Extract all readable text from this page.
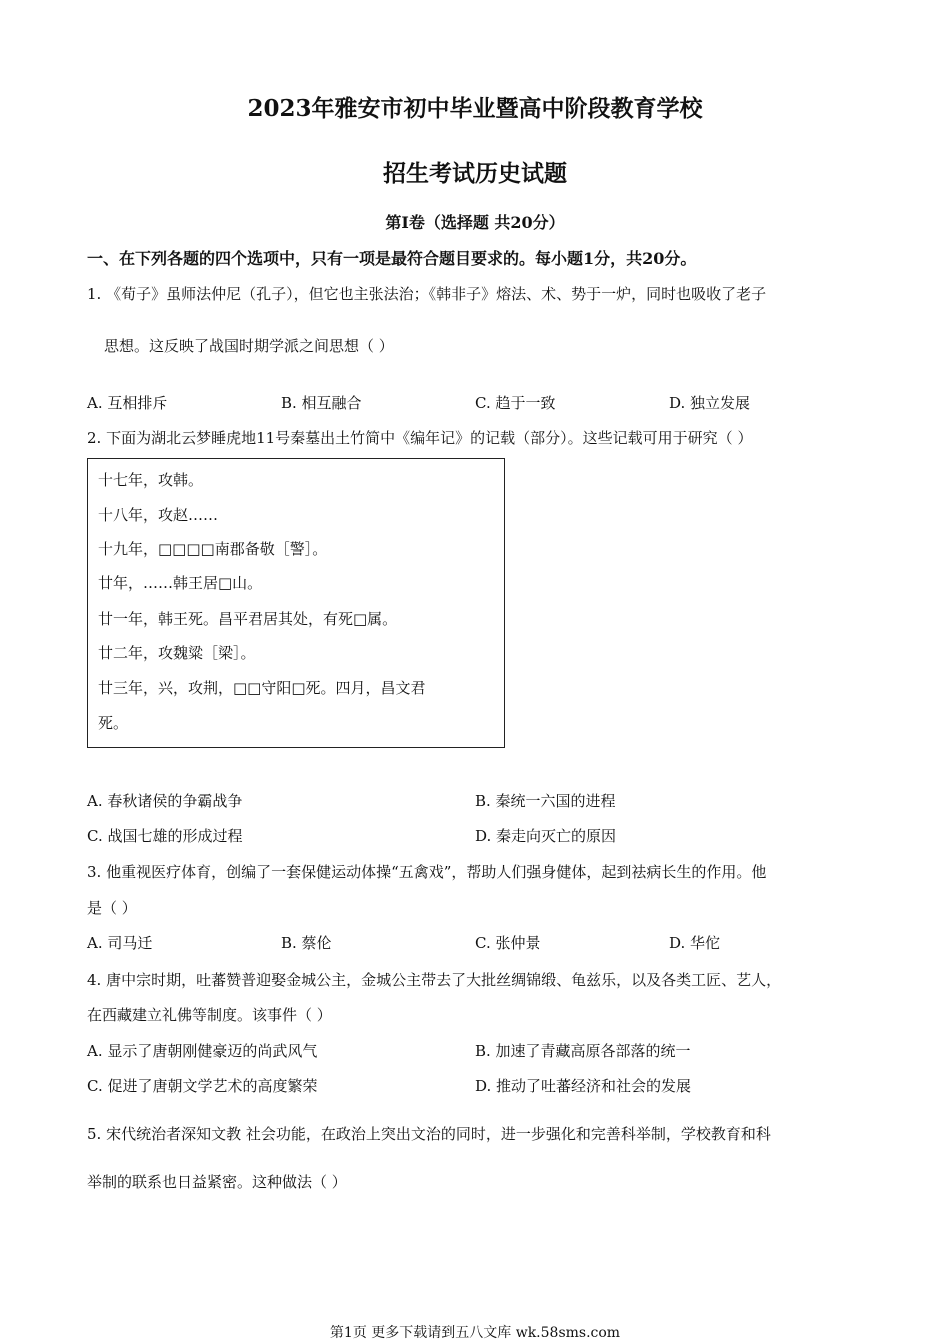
2023年雅安市初中毕业暨高中阶段教育学校
招生考试历史试题
第Ⅰ卷（选择题 共20分）
一、在下列各题的四个选项中，只有一项是最符合题目要求的。每小题1分，共20分。
1. 《荀子》虽师法仲尼（孔子），但它也主张法治；《韩非子》熔法、术、势于一炉，同时也吸收了老子
思想。这反映了战国时期学派之间思想（ ）
A. 互相排斥	B. 相互融合	C. 趋于一致	D. 独立发展
2. 下面为湖北云梦睡虎地11号秦墓出土竹简中《编年记》的记载（部分）。这些记载可用于研究（ ）
十七年，攻韩。
十八年，攻赵……
十九年，□□□□南郡备敬［警］。
廿年，……韩王居□山。
廿一年，韩王死。昌平君居其处，有死□属。
廿二年，攻魏粱［梁］。
廿三年，兴，攻荆，□□守阳□死。四月，昌文君
死。
A. 春秋诸侯的争霸战争	B. 秦统一六国的进程
C. 战国七雄的形成过程	D. 秦走向灭亡的原因
3. 他重视医疗体育，创编了一套保健运动体操“五禽戏”，帮助人们强身健体，起到祛病长生的作用。他
是（ ）
A. 司马迁	B. 蔡伦	C. 张仲景	D. 华佗
4. 唐中宗时期，吐蕃赞普迎娶金城公主，金城公主带去了大批丝绸锦缎、龟兹乐，以及各类工匠、艺人，
在西藏建立礼佛等制度。该事件（ ）
A. 显示了唐朝刚健豪迈的尚武风气	B. 加速了青藏高原各部落的统一
C. 促进了唐朝文学艺术的高度繁荣	D. 推动了吐蕃经济和社会的发展
5. 宋代统治者深知文教 社会功能，在政治上突出文治的同时，进一步强化和完善科举制，学校教育和科
举制的联系也日益紧密。这种做法（ ）
第1页 更多下载请到五八文库 wk.58sms.com
